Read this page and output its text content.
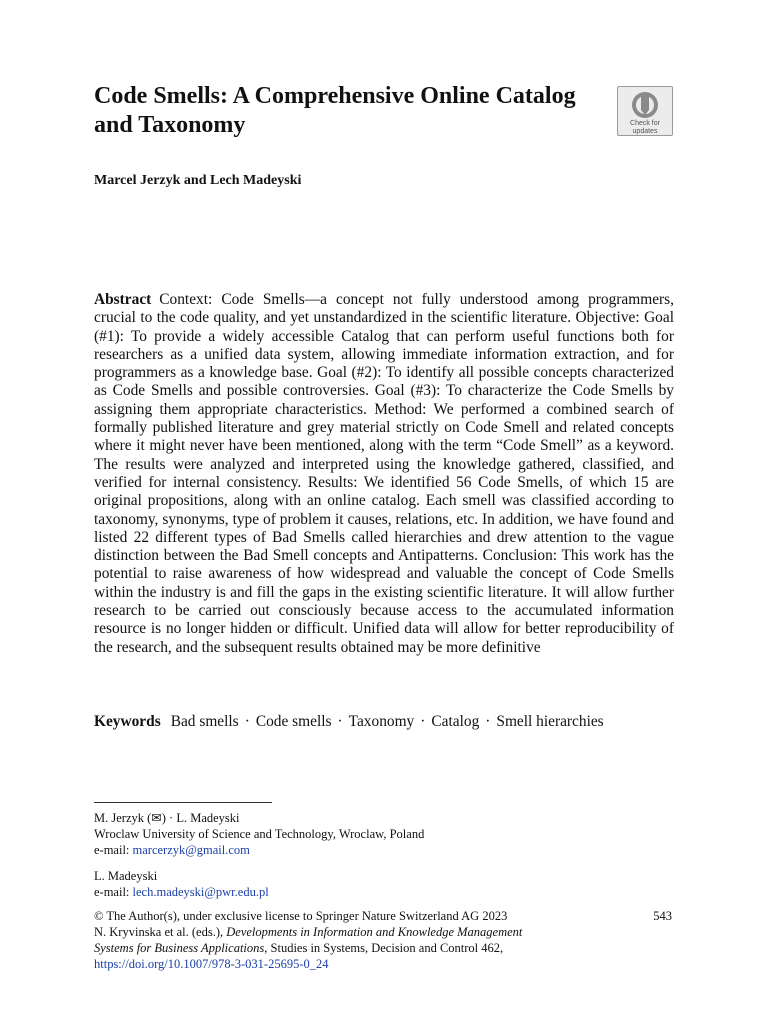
Code Smells: A Comprehensive Online Catalog and Taxonomy	Check for
updates

Marcel Jerzyk and Lech Madeyski

Abstract Context: Code Smells—a concept not fully understood among programmers, crucial to the code quality, and yet unstandardized in the scientific literature. Objective: Goal (#1): To provide a widely accessible Catalog that can perform useful functions both for researchers as a unified data system, allowing immediate information extraction, and for programmers as a knowledge base. Goal (#2): To identify all possible concepts characterized as Code Smells and possible controversies. Goal (#3): To characterize the Code Smells by assigning them appropriate characteristics. Method: We performed a combined search of formally published literature and grey material strictly on Code Smell and related concepts where it might never have been mentioned, along with the term “Code Smell” as a keyword. The results were analyzed and interpreted using the knowledge gathered, classified, and verified for internal consistency. Results: We identified 56 Code Smells, of which 15 are original propositions, along with an online catalog. Each smell was classified according to taxonomy, synonyms, type of problem it causes, relations, etc. In addition, we have found and listed 22 different types of Bad Smells called hierarchies and drew attention to the vague distinction between the Bad Smell concepts and Antipatterns. Conclusion: This work has the potential to raise awareness of how widespread and valuable the concept of Code Smells within the industry is and fill the gaps in the existing scientific literature. It will allow further research to be carried out consciously because access to the accumulated information resource is no longer hidden or difficult. Unified data will allow for better reproducibility of the research, and the subsequent results obtained may be more definitive

Keywords Bad smells · Code smells · Taxonomy · Catalog · Smell hierarchies

M. Jerzyk (✉) · L. Madeyski

Wroclaw University of Science and Technology, Wroclaw, Poland

e-mail: marcerzyk@gmail.com

L. Madeyski

e-mail: lech.madeyski@pwr.edu.pl

© The Author(s), under exclusive license to Springer Nature Switzerland AG 2023	543

N. Kryvinska et al. (eds.), Developments in Information and Knowledge Management

Systems for Business Applications, Studies in Systems, Decision and Control 462,

https://doi.org/10.1007/978-3-031-25695-0_24
